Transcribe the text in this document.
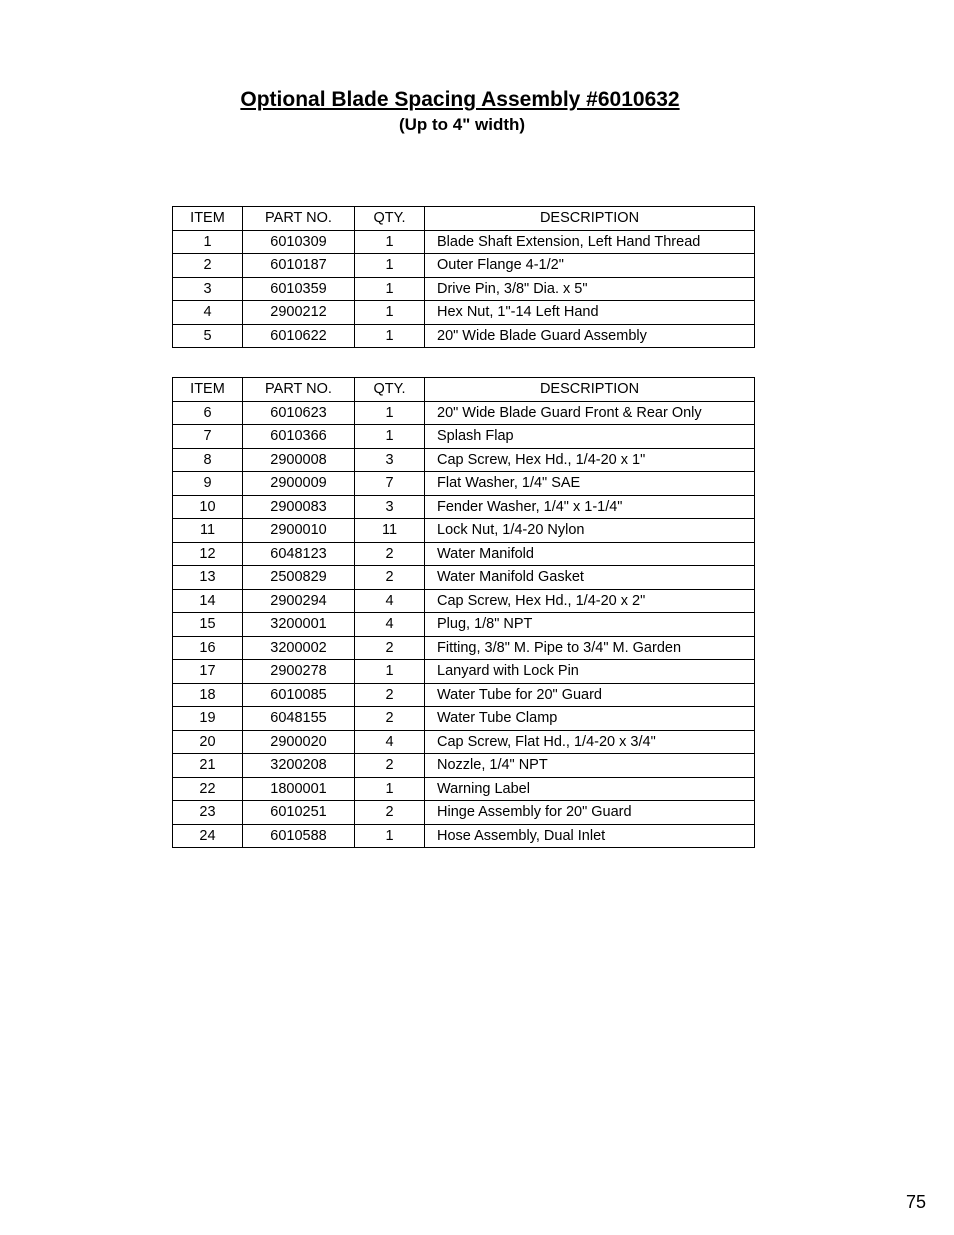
Optional Blade Spacing Assembly #6010632
(Up to 4" width)
ITEM	PART NO.	QTY.	DESCRIPTION
1	6010309	1	Blade Shaft Extension, Left Hand Thread
2	6010187	1	Outer Flange 4-1/2"
3	6010359	1	Drive Pin, 3/8" Dia. x 5"
4	2900212	1	Hex Nut, 1"-14 Left Hand
5	6010622	1	20" Wide Blade Guard Assembly
ITEM	PART NO.	QTY.	DESCRIPTION
6	6010623	1	20" Wide Blade Guard Front & Rear Only
7	6010366	1	Splash Flap
8	2900008	3	Cap Screw, Hex Hd., 1/4-20 x 1"
9	2900009	7	Flat Washer, 1/4" SAE
10	2900083	3	Fender Washer, 1/4" x 1-1/4"
11	2900010	11	Lock Nut, 1/4-20 Nylon
12	6048123	2	Water Manifold
13	2500829	2	Water Manifold Gasket
14	2900294	4	Cap Screw, Hex Hd., 1/4-20 x 2"
15	3200001	4	Plug, 1/8" NPT
16	3200002	2	Fitting, 3/8" M. Pipe to 3/4" M. Garden
17	2900278	1	Lanyard with Lock Pin
18	6010085	2	Water Tube for 20" Guard
19	6048155	2	Water Tube Clamp
20	2900020	4	Cap Screw, Flat Hd., 1/4-20 x 3/4"
21	3200208	2	Nozzle, 1/4" NPT
22	1800001	1	Warning Label
23	6010251	2	Hinge Assembly for 20" Guard
24	6010588	1	Hose Assembly, Dual Inlet
75
